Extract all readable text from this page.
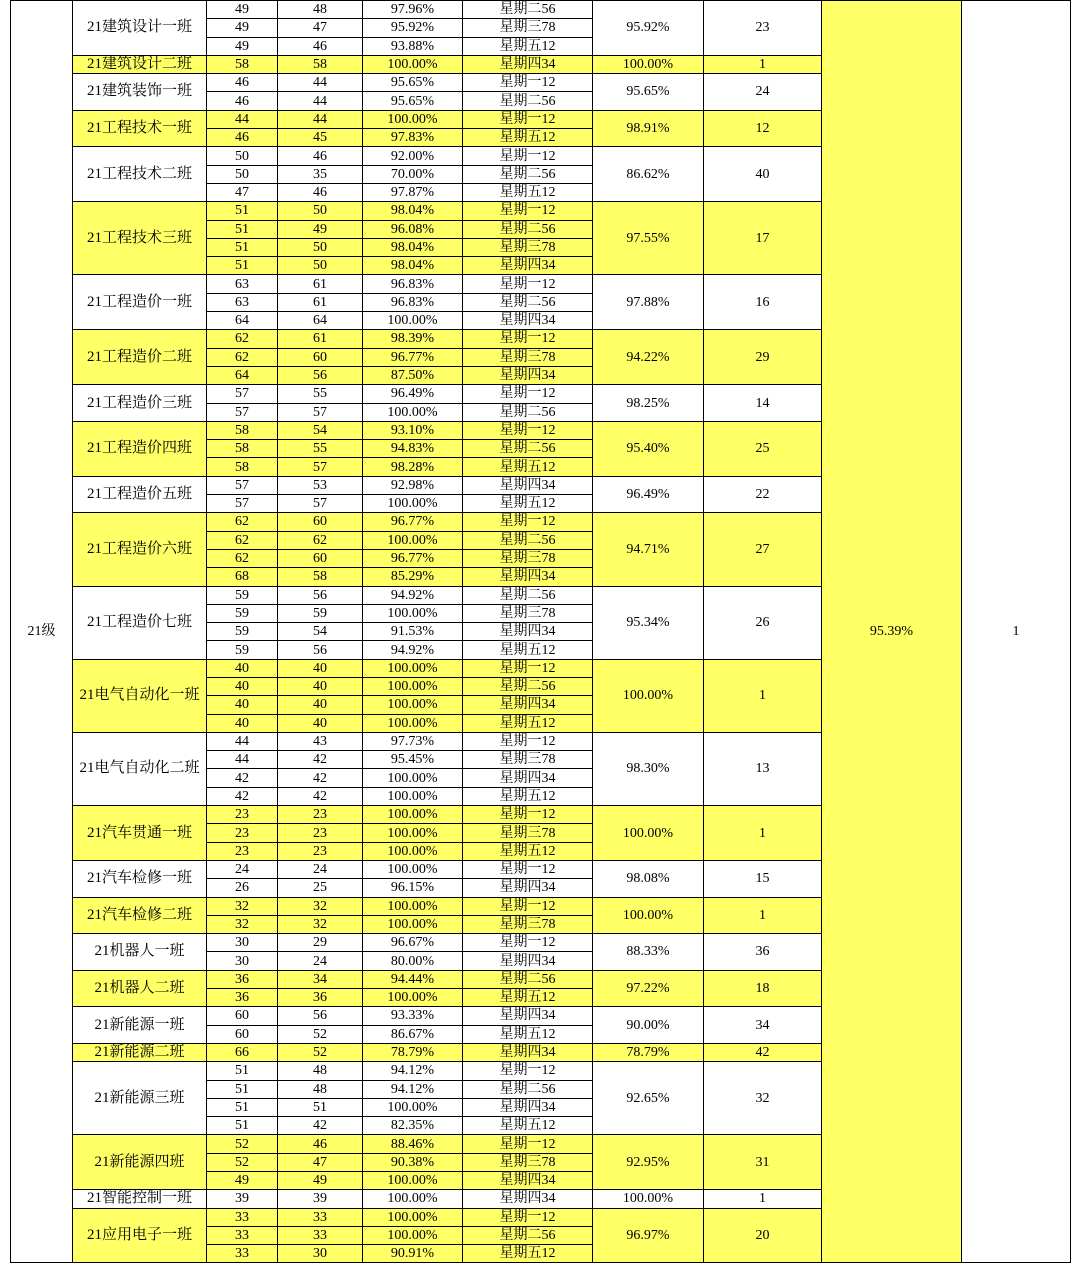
21级	21建筑设计一班	49	48	97.96%	星期二56	95.92%	23	95.39%	1
		49	47	95.92%	星期三78				
		49	46	93.88%	星期五12				
	21建筑设计二班	58	58	100.00%	星期四34	100.00%	1		
	21建筑装饰一班	46	44	95.65%	星期一12	95.65%	24		
		46	44	95.65%	星期二56				
	21工程技术一班	44	44	100.00%	星期一12	98.91%	12		
		46	45	97.83%	星期五12				
	21工程技术二班	50	46	92.00%	星期一12	86.62%	40		
		50	35	70.00%	星期二56				
		47	46	97.87%	星期五12				
	21工程技术三班	51	50	98.04%	星期一12	97.55%	17		
		51	49	96.08%	星期二56				
		51	50	98.04%	星期三78				
		51	50	98.04%	星期四34				
	21工程造价一班	63	61	96.83%	星期一12	97.88%	16		
		63	61	96.83%	星期二56				
		64	64	100.00%	星期四34				
	21工程造价二班	62	61	98.39%	星期一12	94.22%	29		
		62	60	96.77%	星期三78				
		64	56	87.50%	星期四34				
	21工程造价三班	57	55	96.49%	星期一12	98.25%	14		
		57	57	100.00%	星期二56				
	21工程造价四班	58	54	93.10%	星期一12	95.40%	25		
		58	55	94.83%	星期二56				
		58	57	98.28%	星期五12				
	21工程造价五班	57	53	92.98%	星期四34	96.49%	22		
		57	57	100.00%	星期五12				
	21工程造价六班	62	60	96.77%	星期一12	94.71%	27		
		62	62	100.00%	星期二56				
		62	60	96.77%	星期三78				
		68	58	85.29%	星期四34				
	21工程造价七班	59	56	94.92%	星期二56	95.34%	26		
		59	59	100.00%	星期三78				
		59	54	91.53%	星期四34				
		59	56	94.92%	星期五12				
	21电气自动化一班	40	40	100.00%	星期一12	100.00%	1		
		40	40	100.00%	星期二56				
		40	40	100.00%	星期四34				
		40	40	100.00%	星期五12				
	21电气自动化二班	44	43	97.73%	星期一12	98.30%	13		
		44	42	95.45%	星期三78				
		42	42	100.00%	星期四34				
		42	42	100.00%	星期五12				
	21汽车贯通一班	23	23	100.00%	星期一12	100.00%	1		
		23	23	100.00%	星期三78				
		23	23	100.00%	星期五12				
	21汽车检修一班	24	24	100.00%	星期一12	98.08%	15		
		26	25	96.15%	星期四34				
	21汽车检修二班	32	32	100.00%	星期一12	100.00%	1		
		32	32	100.00%	星期三78				
	21机器人一班	30	29	96.67%	星期一12	88.33%	36		
		30	24	80.00%	星期四34				
	21机器人二班	36	34	94.44%	星期二56	97.22%	18		
		36	36	100.00%	星期五12				
	21新能源一班	60	56	93.33%	星期四34	90.00%	34		
		60	52	86.67%	星期五12				
	21新能源二班	66	52	78.79%	星期四34	78.79%	42		
	21新能源三班	51	48	94.12%	星期一12	92.65%	32		
		51	48	94.12%	星期二56				
		51	51	100.00%	星期四34				
		51	42	82.35%	星期五12				
	21新能源四班	52	46	88.46%	星期一12	92.95%	31		
		52	47	90.38%	星期三78				
		49	49	100.00%	星期四34				
	21智能控制一班	39	39	100.00%	星期四34	100.00%	1		
	21应用电子一班	33	33	100.00%	星期一12	96.97%	20		
		33	33	100.00%	星期二56				
		33	30	90.91%	星期五12				
